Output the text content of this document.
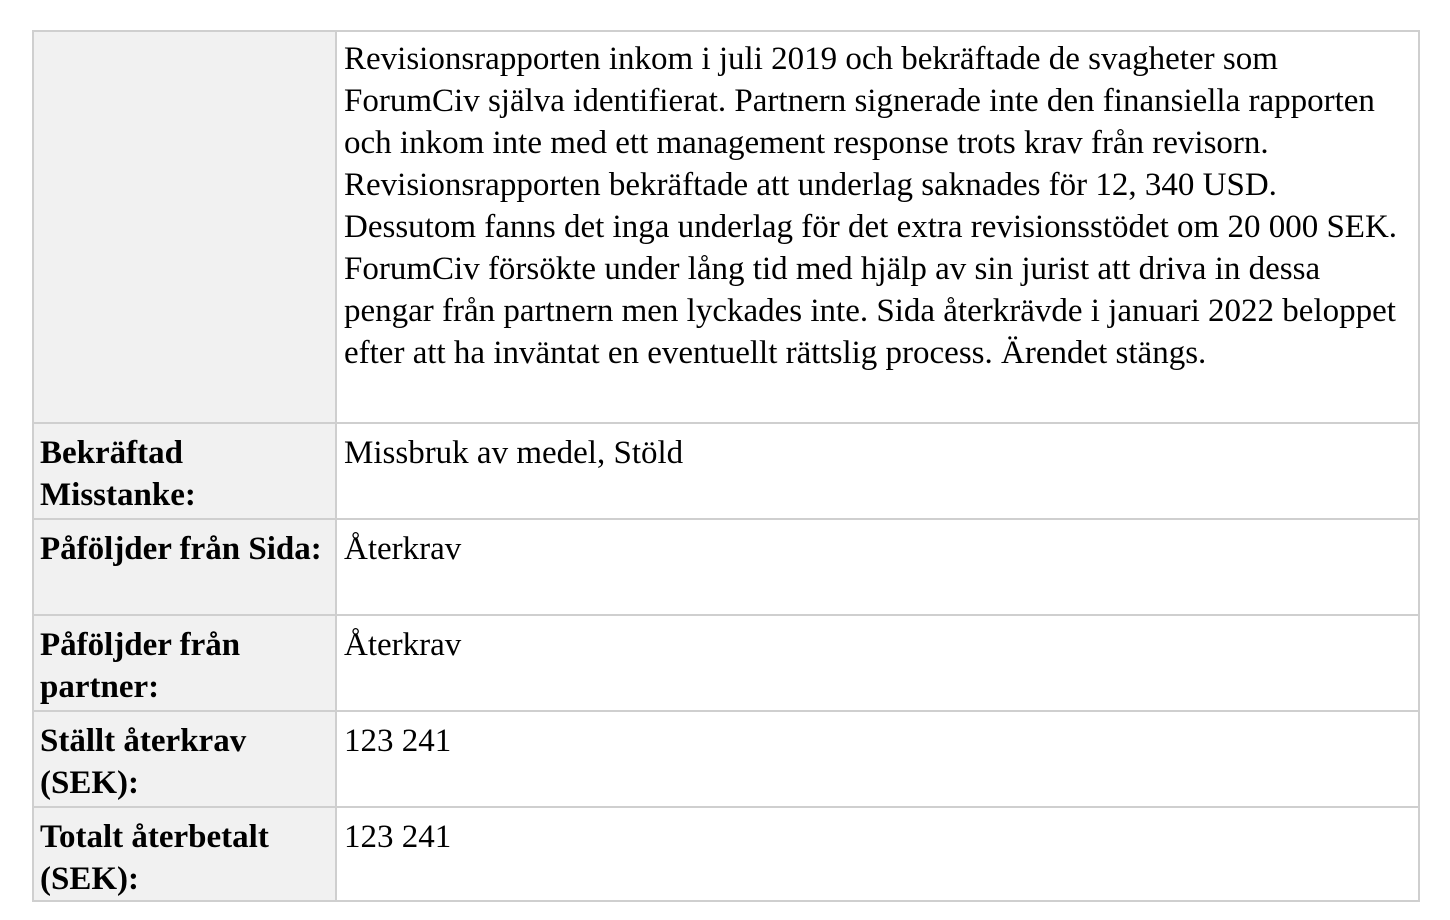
	Revisionsrapporten inkom i juli 2019 och bekräftade de svagheter som ForumCiv själva identifierat. Partnern signerade inte den finansiella rapporten och inkom inte med ett management response trots krav från revisorn. Revisionsrapporten bekräftade att underlag saknades för 12, 340 USD. Dessutom fanns det inga underlag för det extra revisionsstödet om 20 000 SEK. ForumCiv försökte under lång tid med hjälp av sin jurist att driva in dessa pengar från partnern men lyckades inte. Sida återkrävde i januari 2022 beloppet efter att ha inväntat en eventuellt rättslig process. Ärendet stängs.
Bekräftad Misstanke:	Missbruk av medel, Stöld
Påföljder från Sida:	Återkrav
Påföljder från partner:	Återkrav
Ställt återkrav (SEK):	123 241
Totalt återbetalt (SEK):	123 241
